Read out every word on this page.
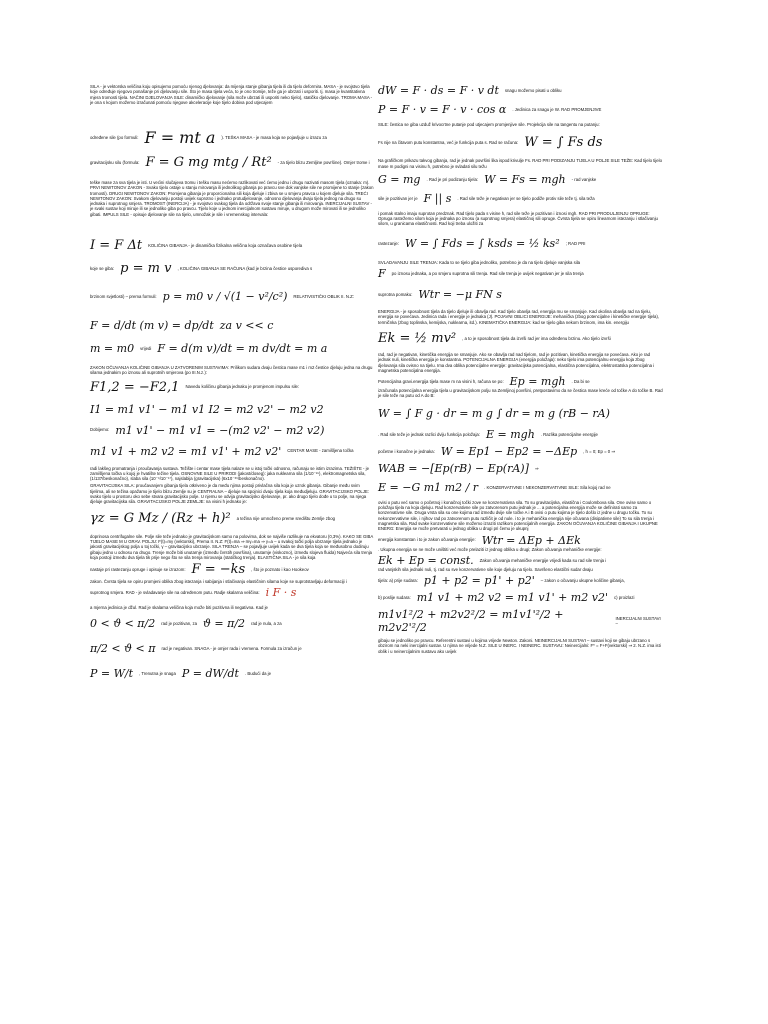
SILA - je vektorska veličina koju opisujemo pomoću njenog djelovanja: da mijenja stanje gibanja tijela ili da tijelo deformira. MASA - je svojstvo tijela koje određuje njegovo ponašanje pri djelovanju sile. Što je masa tijela veća, to je ono tromije, teže ga je ubrzati i usporiti. Ij. masa je kvantitativna mjera tromosti tijela. NAČINI DJELOVANJA SILE: dinamičko djelovanje (sila može ubrzati ili usporiti neko tijelo), statičko djelovanje. TROMA MASA - je ona s kojom možemo izračunati pomoću njegove akceleracije koje tijelo dobiva pod utjecajem

određene sile (po formuli: F = mt a ). TEŠKA MASA - je masa koja se pojavljuje u izrazu za
gravitacijsku silu (formula: F = G mg mtg / Rt² - za tijelo blizu Zemljine površine). Omjer trome i

teške mase za sva tijela je isti. U većini slučajeva tromu i tešku masu nećemo razlikovati već ćemo jednu i drugu nazivati masom tijela (oznaka: m). PRVI NEWTONOV ZAKON - Svako tijelo ostaje u stanju mirovanja ili jednolikog gibanja po pravcu sve dok vanjske sile ne promijene to stanje (zakon tromosti). DRUGI NEWTONOV ZAKON: Promjena gibanja je proporcionalna sili koja djeluje i zbiva se u smjeru pravca u kojem djeluje sila. TREĆI NEWTONOV ZAKON: Svakom djelovanju postoji uvijek suprotno i jednako protudjelovanje, odnosno djelovanja dvaju tijela jednog na drugo su jednaka i suprotnog smjera. TROMOST (INERCIJA) - je svojstvo svakog tijela da održava svoje stanje gibanja ili mirovanja. INERCIJALNI SUSTAV - je svaki sustav koji miruje ili se jednoliko giba po pravcu. Tijelo koje u jednom inercijalnom sustavu miruje, u drugom može mirovati ili se jednoliko gibati. IMPULS SILE - opisuje djelovanje sile na tijelo, umnožak je sile i vremenskog intervala:

I = F Δt KOLIČINA GIBANJA - je dinamička fizikalna veličina koja označava osobine tijela
koje se giba: p = m v , KOLIČINA GIBANJA SE RAČUNA (kad je brzina čestice usporediva s
brzinom svjetlosti) – prema formuli: p = m0 v / √(1 − v²/c²) RELATIVISTIČKI OBLIK II. N.Z:
F = d/dt (m v) = dp/dt za v << c
m = m0 vrijedi F = d(m v)/dt = m dv/dt = m a

ZAKON OČUVANJA KOLIČINE GIBANJA U ZATVORENIM SUSTAVIMA: Prilikom sudara dvaju čestica mase m1 i m2 čestice djeluju jedna na drugu silama jednakim po iznosu ali suprotnih smjerova (po III.N.z.):

F1,2 = −F2,1 Navedu količinu gibanja jednaku je promjenom impulsu sile:
I1 = m1 v1' − m1 v1 I2 = m2 v2' − m2 v2
Dobijemo: m1 v1' − m1 v1 = −(m2 v2' − m2 v2)
m1 v1 + m2 v2 = m1 v1' + m2 v2' CENTAR MASE - zamišljena točka

radi lakšeg promatranja i proučavanja sustava. Težište i centar mase tijela nalaze se u istoj točki odnosno, računaju se istim izrazima. TEŽIŠTE - je zamišljena točka u kojoj je hvatište težine tijela. OSNOVNE SILE U PRIRODI (jakost/doseg): jaka nuklearna sila (1/10⁻¹⁵), elektromagnetska sila, (1/137/beskonačno), slaba sila (10⁻⁶/10⁻¹⁷), najslabija (gravitacijska) (6x10⁻³⁹/beskonačno).

GRAVITACIJSKA SILA: proučavanjem gibanja tijela otkriveno je da među njima postoji privlačna sila koja je uzrok gibanja. Gibanje među svim tijelima, ali se težina opažamo je tijelo blizu Zemlje su je CENTRALNA – djeluje na spojnici dvaju tijela koja međudjeluju. GRAVITACIJSKO POLJE: svako tijelo u prostoru oko sebe stvara gravitacijsko polje. U njemu se odvija gravitacijsko djelovanje, pr. ako drugo tijelo dođe u to polje, na njega djeluje gravitacijska sila. GRAVITACIJSKO POLJE ZEMLJE: na visini h jednako je:

γz = G Mz / (Rz + h)² a težina nije umnoženo preme središtu Zemlje zbog

doprinosa centrifugalne sile. Polje sile teže jednako je gravitacijskom samo na polovima, dok se najviše razlikuje na ekvatoru (0,3%). KAKO SE GIBA TIJELO MASE M U GRAV. POLJU: F(t)=mγ (vektorski), Prema II. N.Z: F(t)=ma ⇒ mγ=ma ⇒ γ=a – u svakoj točki polja ubrzanje tijela jednako je jakosti gravitacijskog polja u toj točki, γ – gravitacijsko ubrzanje. SILA TRENJA – se pojavljuje uvijek kada se dva tijela koja se međusobno dodiruju gibaju jedno u odnosu na drugo. Trenje može biti unutarnje (između čvrstih površina), unutarnje (viskozno), između slojeva fluida) Najveća sila trenja koja postoji između dva tijela tik prije nego što se sila trenja mirovanja (statičkog trenja). ELASTIČNA SILA - je sila koja

nastaje pri rastezanju opruge i opisuje se izrazom: F = −ks , što je poznato i kao Hookeov

zakon. Čvrsta tijela se opiru promjeni oblika zbog istezanja i sabijanja i stlačivanju elastičnim silama koje se suprotstavljaju deformaciji i

suprotnog smjera. RAD - je svladavanje sile na određenom putu. Radje skalarna veličina: i F · s

a mjerna jedinica je džul. Rad je skalarna veličina koja može biti pozitivna ili negativna. Kad je

0 < ϑ < π/2 rad je pozitivan, za ϑ = π/2 rad je nula, a za
π/2 < ϑ < π rad je negativan. SNAGA - je omjer rada i vremena. Formula za izračun je
P = W/t , Trenutna je snaga P = dW/dt . Budući da je
dW = F · ds = F · v dt snagu možemo pisati u obliku
P = F · v = F · v · cos α . Jedinica za snagu je W. RAD PROMJENJIVE

SILE: čestica se giba uzduž krivocrtne putanje pod utjecajem promjenjive sile. Projekcija sile na tangentu na putanju:

Fs nije na čitavom putu konstantna, već je funkcija puta s. Rad se računa: W = ∫ Fs ds

Na grafičkom prikazu takvog gibanja, rad je jednak površini lika ispod krivulje Fs. RAD PRI PODIZANJU TIJELA U POLJE SILE TEŽE: Kad tijelo tijelo mase m podigni na visinu h, potrebno je svladati silu težu

G = mg . Rad je pri podizanju tijela: W = Fs = mgh - rad vanjske
sile je pozitivan jer je F || s . Rad sile teže je negativan jer se tijelo podiže protiv sile teže tj. sila teža

i pomak stalno imaju suprotan predznak. Rad tijelo pada s visine h, rad sile teže je pozitivan i iznosi mgh. RAD PRI PRODULJENJU OPRUGE: Opruga rastežemo silom koja je jednaka po iznosu (a suprotnog smjera) elastičnoj sili opruge. Čvrsta tijela se opiru linearnom istezanju i stlačivanju silom, u granicama elastičnosti. Rad koji treba uložiti za

rastezanje: W = ∫ Fds = ∫ ksds = ½ ks² ; RAD PRI

SVLADAVANJU SILE TRENJA: Kada to se tijelo giba jednoliko, potrebno je da na tijelo djeluje vanjska sila

F po iznosu jednaka, a po smjeru suprotna sili trenja. Rad sile trenja je uvijek negativan jer je sila trenja
suprotna pomaku: Wtr = −μ FN s

ENERGIJA - je sposobnost tijela da tijelo djeluje ili obavlja rad. Kad tijelo obavlja rad, energija mu se smanjuje. Kad okolina obavlja rad na tijelu, energija se povećava. Jedinica rada i energije je jednaka (J). POJAVNI OBLICI ENERGIJE: mehanička (zbog potencijalne i kinetičke energije tijela), termičnka (zbog toplinska, kemijska, nuklearna, itd.). KINEMATIČKA ENERGIJA: kad se tijelo giba nekom brzinom, ima kin. energiju

Ek = ½ mv² , a to je sposobnost tijela da izvrši rad jer ima određenu brzinu. Ako tijelo izvrši

rad, rad je negativan, kinetička energija se smanjuje. Ako se obavlja rad nad tijelom, rad je pozitivan, kinetička energija se povećava. Ako je rad jednak nuli, kinetička energija je konstantna. POTENCIJALNA ENERGIJA (energija položaja): neko tijelo ima potencijalnu energiju koja zbog djelovanja sila ovisno na tijelu. Ima dva oblika potencijalne energije: gravitacijska potencijalna, elastična potencijalna, elektrostatska potencijalna i magnetska potencijalna energija.

Potencijalna gravi.energija tijela mase m na visini h, računa se po: Ep = mgh . Da bi se

izračunala potencijalna energija tijela u gravitacijskom polju na Zemljinoj površini, pretpostavimo da se čestica mase kreće od točke A do točke B. Rad je sile teže na putu od A do B:

W = ∫ F g · dr = m g ∫ dr = m g (rB − rA)
. Rad sile teže je jednak razlici dviju funkcija položaja: E = mgh . Razlika potencijalne energije
početne i konačne je jednaka: W = Ep1 − Ep2 = −ΔEp , h = 0; Ep = 0 ⇒
WAB = −[Ep(rB) − Ep(rA)] ⇒
E = −G m1 m2 / r . KONZERVATIVNE I NEKONZERVATIVNE SILE: Sila kojoj rad ne

ovisi o putu već samo o početnoj i konačnoj točki zove se konzervativna sila. To su gravitacijska, elastična i Coulombova sila. One ovise samo o položaju tijela na koja djeluju. Rad konzervativne sile po zatvorenom putu jednak je ... a potencijalna energija može se definirati samo za konzervativne sile. Druga vrsta sila su one kojima rad između dvije sile točke A i B ovisi o putu kojima je tijelo došlo iz jedne u drugu točku. To su nekonzervativne sile, i njihov rad po zatvorenom putu različit je od nule. i to je mehanička energija nije očuvana (disipativne sile) To su sila trenja i magnetska sila. Rad svake konzervativne sile možemo izraziti razlikom potencijalnih energija. ZAKON OČUVANJA KOLIČINE GIBANJA I UKUPNE ENERG: Energija se može pretvarati u jednog oblika u drugi pri čemu je ukupnj

energija konstantan i to je zakon očuvanja energije: Wtr = ΔEp + ΔEk

. Ukupna energija se ne može uništiti već može prelaziti iz jednog oblika u drugi; Zakon očuvanja mehaničke energije:

Ek + Ep = const. Zakon očuvanja mehaničke energije vrijedi kada su rad sile trenja i

rad vanjskih sila jednaki nuli, tj. rad su sve konzervativne sile koje djeluju na tijelo. Savršeno elastični sudar dvaju

tijela: a) prije sudara: p1 + p2 = p1' + p2' – zakon o očuvanju ukupne količine gibanja,
b) poslije sudara: m1 v1 + m2 v2 = m1 v1' + m2 v2' c) proizlazi
m1v1²/2 + m2v2²/2 = m1v1'²/2 + m2v2'²/2
INERCIJALNI SUSTAVI –

gibaju se jednoliko po pravcu. Referentni sustavi u kojima vrijede Newton. Zakoni. NEINERCIJALNI SUSTAVI – sustavi koji se gibaju ubrzano s obzirom na neki inercijalni sustav. U njima ne vrijede N.Z. SILE U INERC. I NEINERC. SUSTAVU: Neinercijalni: F* = F+F(vektorski) ⇒ 2. N.Z. ima isti oblik i u neinercijalnim sustavu ako uvijek
